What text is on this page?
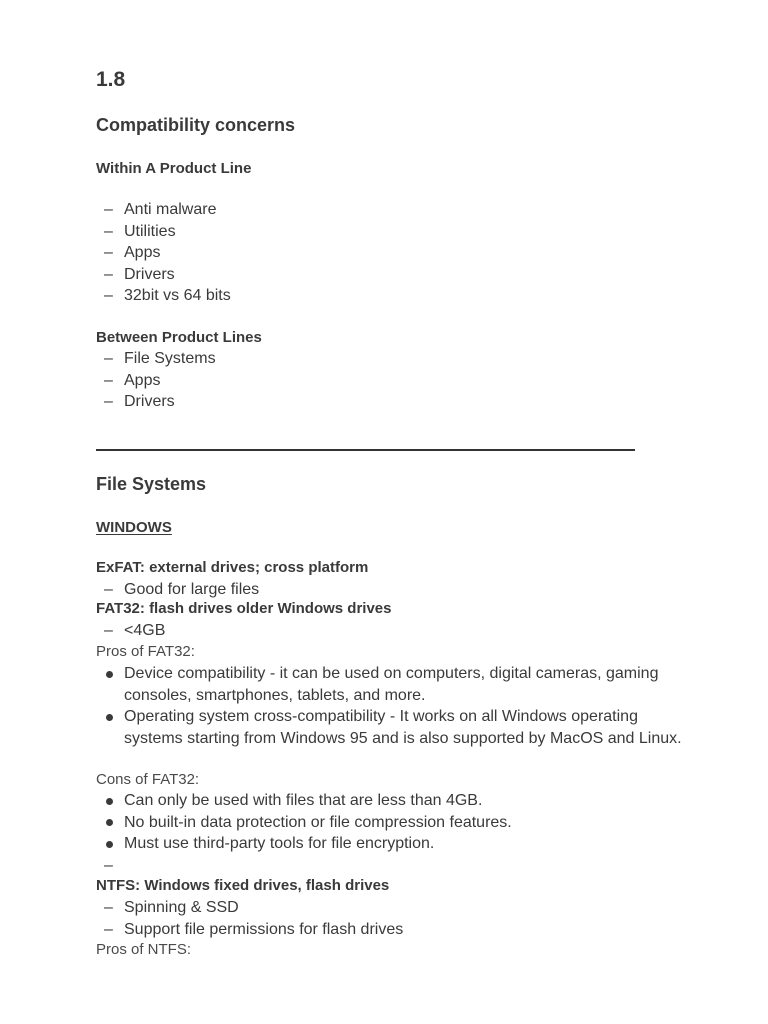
1.8
Compatibility concerns
Within A Product Line
– Anti malware
– Utilities
– Apps
– Drivers
– 32bit vs 64 bits
Between Product Lines
– File Systems
– Apps
– Drivers
File Systems
WINDOWS
ExFAT: external drives; cross platform
– Good for large files
FAT32: flash drives older Windows drives
– <4GB

Pros of FAT32:

Device compatibility - it can be used on computers, digital cameras, gaming consoles, smartphones, tablets, and more.
Operating system cross-compatibility - It works on all Windows operating systems starting from Windows 95 and is also supported by MacOS and Linux.

Cons of FAT32:

Can only be used with files that are less than 4GB.
No built-in data protection or file compression features.
Must use third-party tools for file encryption.
–
NTFS: Windows fixed drives, flash drives
– Spinning & SSD
– Support file permissions for flash drives

Pros of NTFS:
